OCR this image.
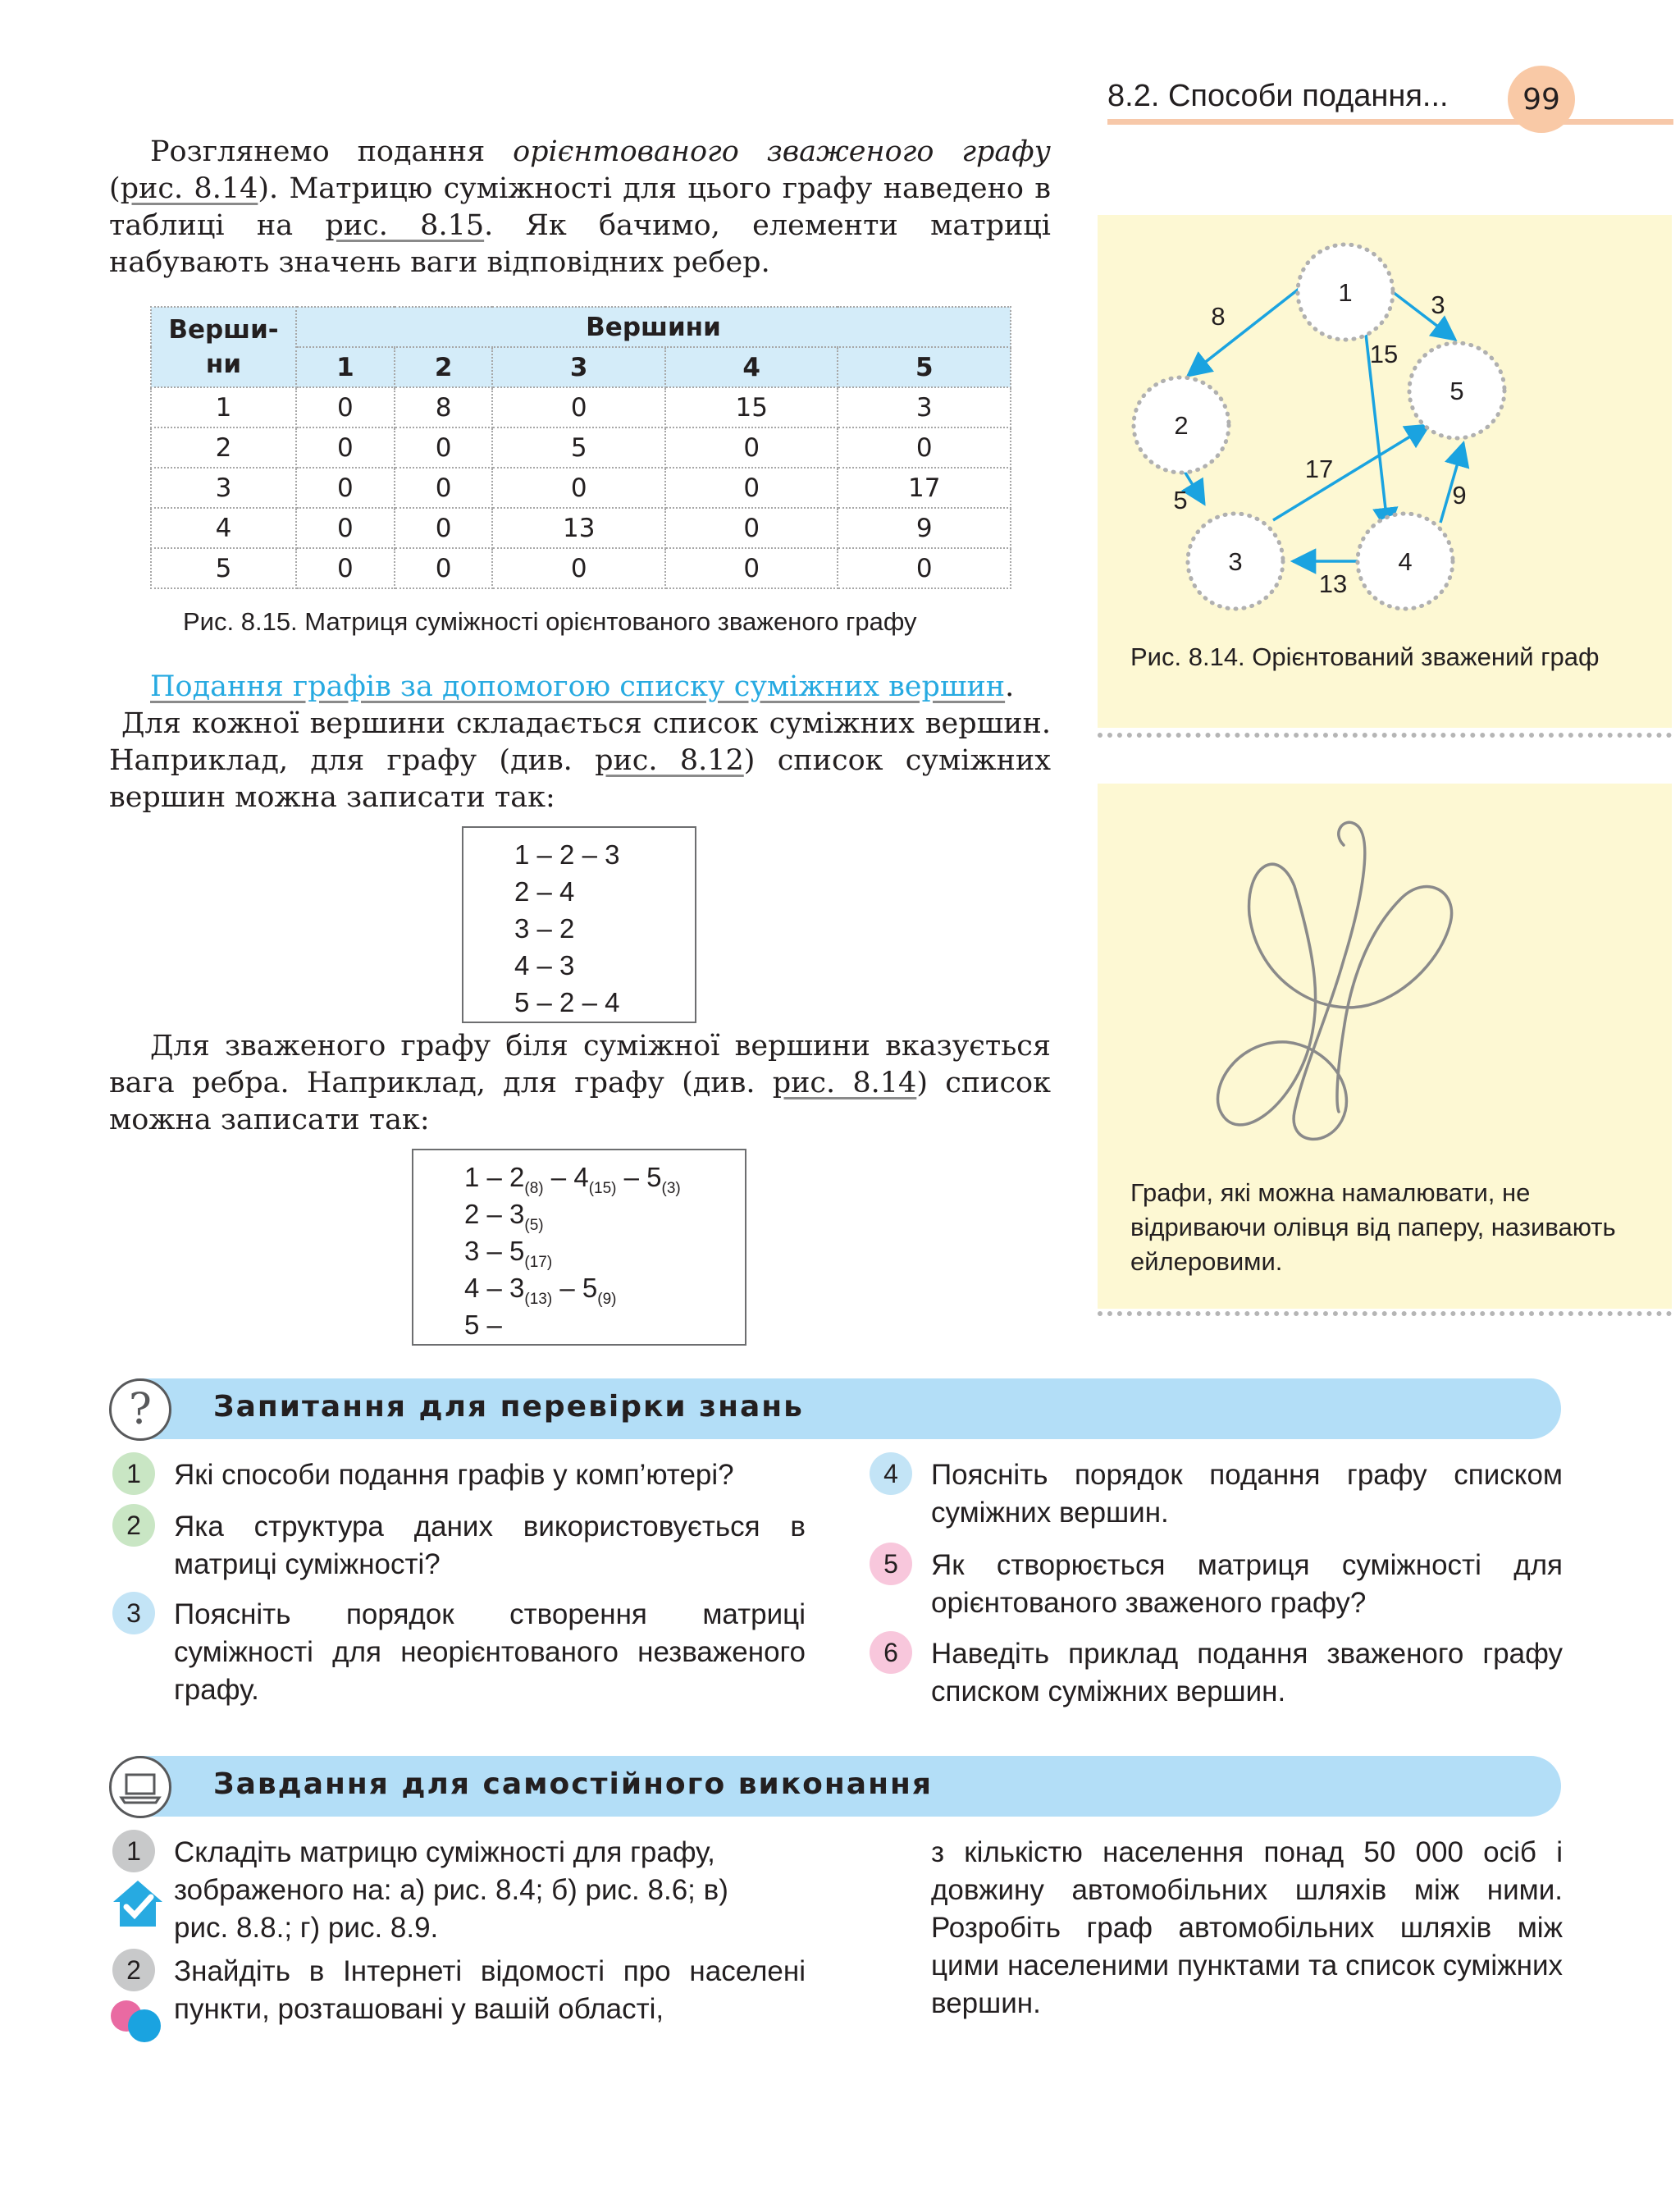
8.2. Способи подання...	99
Розглянемо подання орієнтованого зваженого графу (рис. 8.14). Матрицю суміжності для цього графу наведено в таблиці на рис. 8.15. Як бачимо, елементи матриці набувають значень ваги відповідних ребер.
Верши-
ни	Вершини				
	1	2	3	4	5
1	0	8	0	15	3
2	0	0	5	0	0
3	0	0	0	0	17
4	0	0	13	0	9
5	0	0	0	0	0
Рис. 8.15. Матриця суміжності орієнтованого зваженого графу
Подання графів за допомогою списку суміжних вершин.
Для кожної вершини складається список суміжних вершин. Наприклад, для графу (див. рис. 8.12) список суміжних вершин можна записати так:
1 – 2 – 3
2 – 4
3 – 2
4 – 3
5 – 2 – 4
Для зваженого графу біля суміжної вершини вказується вага ребра. Наприклад, для графу (див. рис. 8.14) список можна записати так:
$1 - 2_{(8)} - 4_{(15)} - 5_{(3)}$
$2 - 3_{(5)}$
$3 - 5_{(17)}$
$4 - 3_{(13)} - 5_{(9)}$
5 –
1
2
3	4
5
8	3
15
5
17
9
13
Рис. 8.14. Орієнтований зважений граф
Графи, які можна намалювати, не відриваючи олівця від паперу, називають ейлеровими.
?	Запитання для перевірки знань
1	Які способи подання графів у комп’ютері?
2	Яка структура даних використовується в матриці суміжності?
3	Поясніть порядок створення матриці суміжності для неорієнтованого незваженого графу.
4	Поясніть порядок подання графу списком суміжних вершин.
5	Як створюється матриця суміжності для орієнтованого зваженого графу?
6	Наведіть приклад подання зваженого графу списком суміжних вершин.
Завдання для самостійного виконання
1	Складіть матрицю суміжності для графу, зображеного на: а) рис. 8.4; б) рис. 8.6; в) рис. 8.8.; г) рис. 8.9.
2	Знайдіть в Інтернеті відомості про населені пункти, розташовані у вашій області,
з кількістю населення понад 50 000 осіб і довжину автомобільних шляхів між ними. Розробіть граф автомобільних шляхів між цими населеними пунктами та список суміжних вершин.
